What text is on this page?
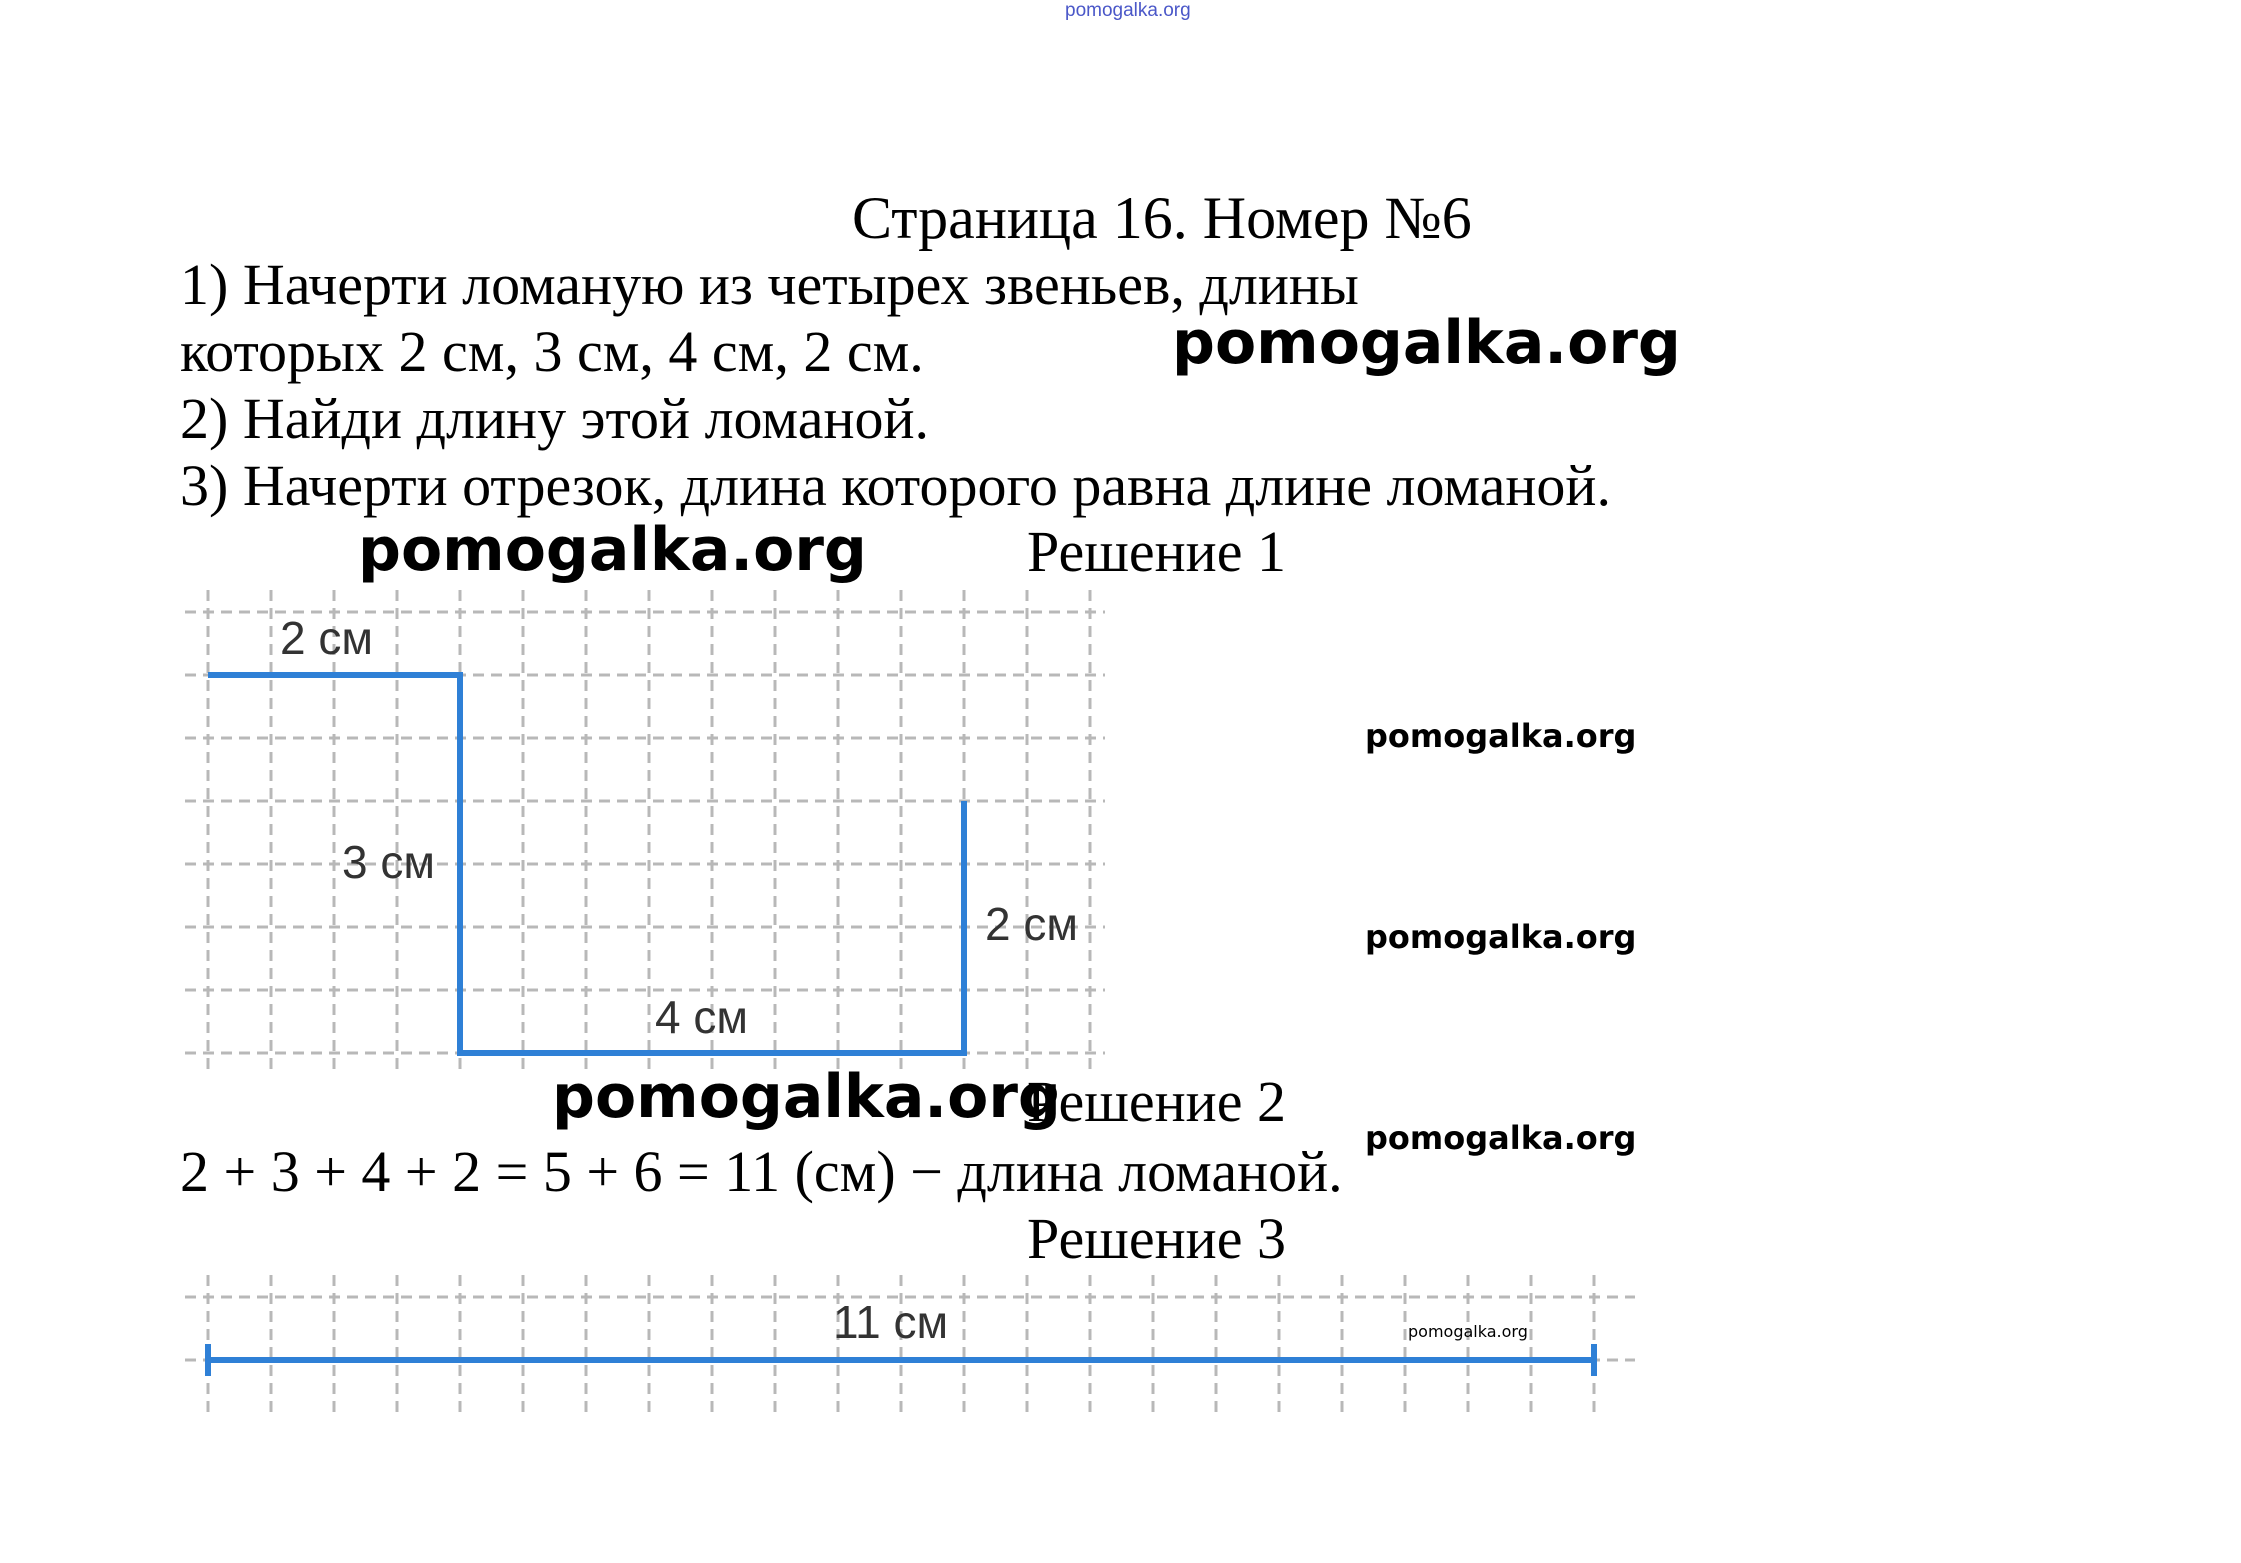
pomogalka.org
Страница 16. Номер №6
1) Начерти ломаную из четырех звеньев, длины
которых 2 см, 3 см, 4 см, 2 см.
2) Найди длину этой ломаной.
3) Начерти отрезок, длина которого равна длине ломаной.
pomogalka.org
pomogalka.org	Решение 1
2 см
3 см
4 см
2 см
11 см
pomogalka.org
pomogalka.org
pomogalka.org
Решение 2
2 + 3 + 4 + 2 = 5 + 6 = 11 (см) − длина ломаной.
pomogalka.org
Решение 3
pomogalka.org
